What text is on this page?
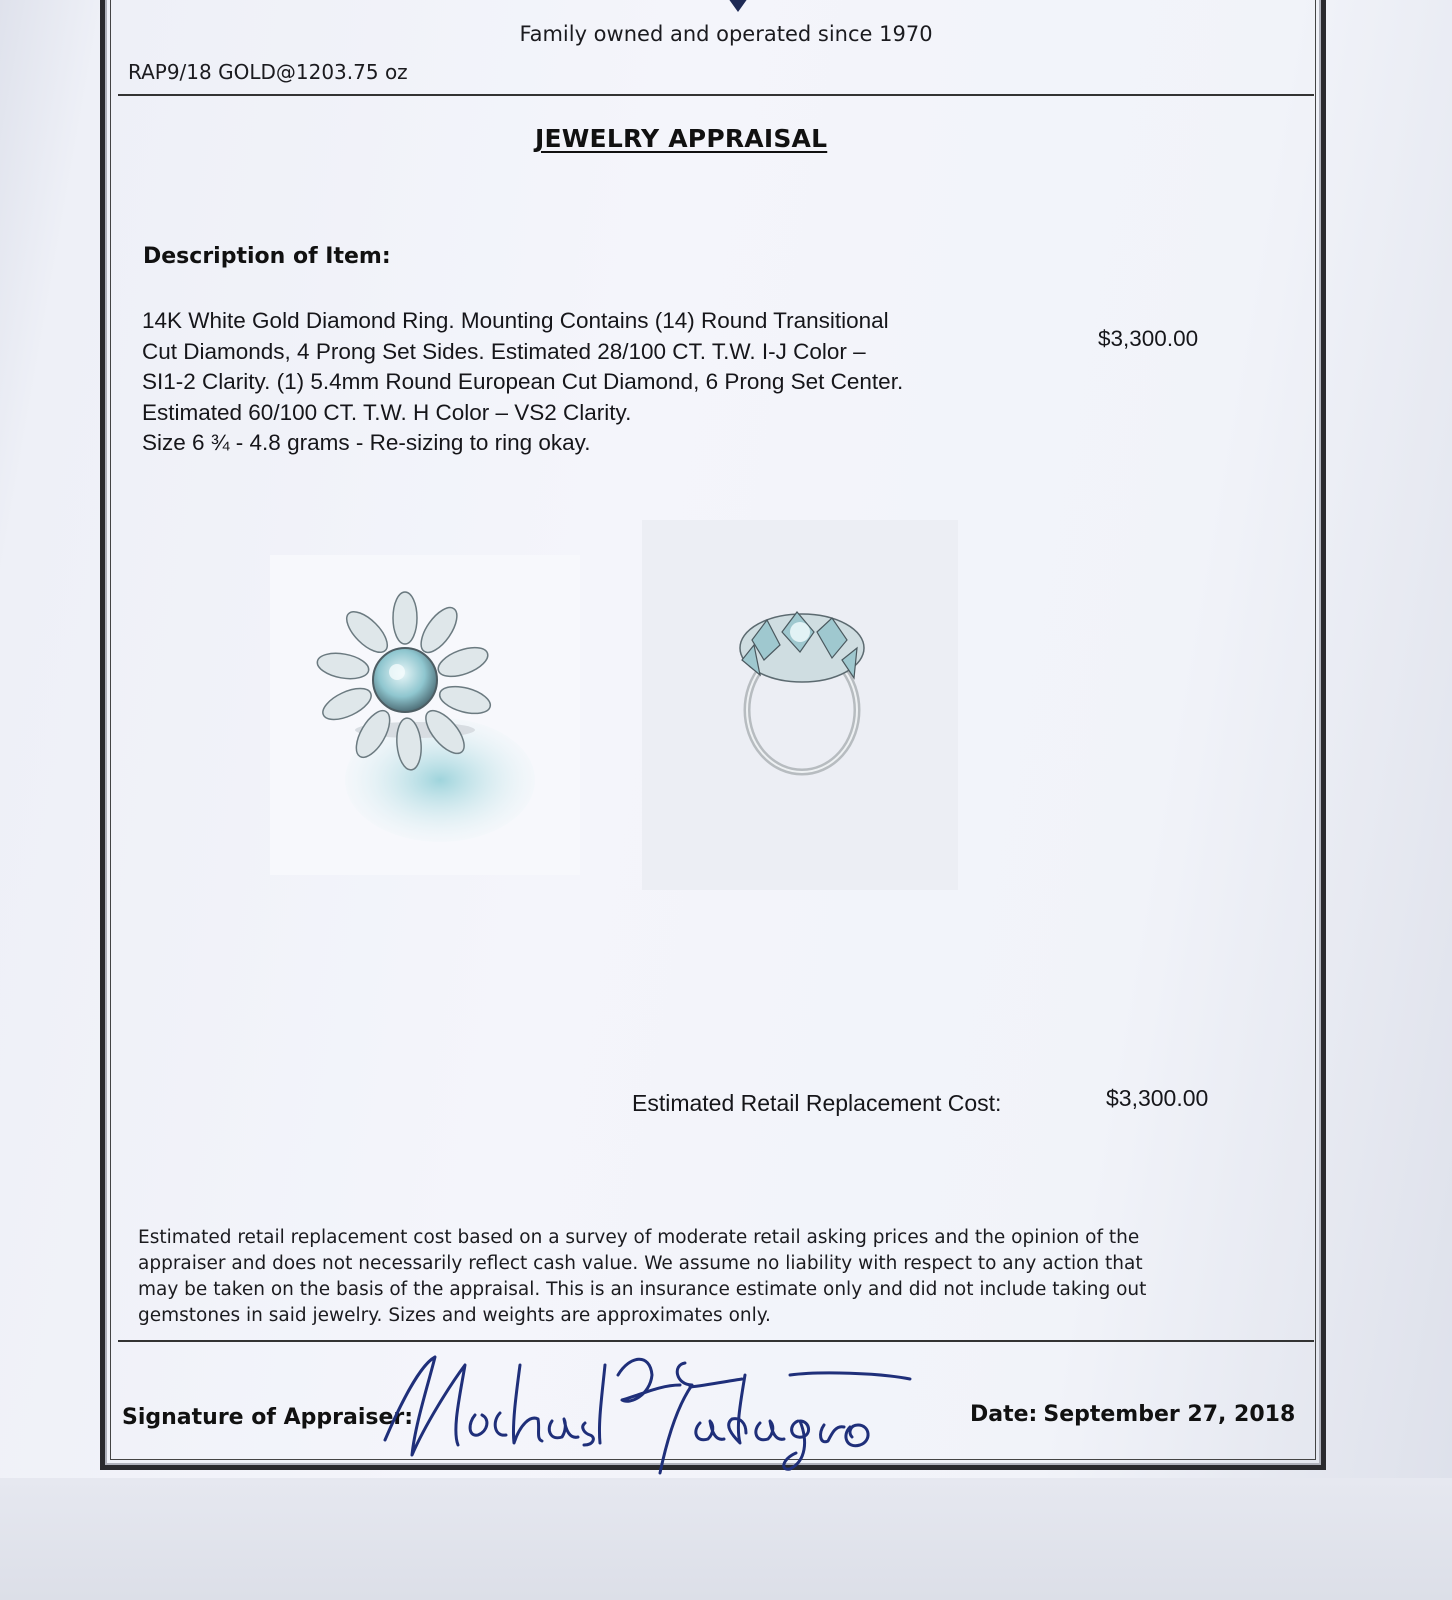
Family owned and operated since 1970
RAP9/18 GOLD@1203.75 oz
JEWELRY APPRAISAL
Description of Item:
14K White Gold Diamond Ring. Mounting Contains (14) Round Transitional
Cut Diamonds, 4 Prong Set Sides. Estimated 28/100 CT. T.W. I-J Color –
SI1-2 Clarity. (1) 5.4mm Round European Cut Diamond, 6 Prong Set Center.
Estimated 60/100 CT. T.W. H Color – VS2 Clarity.
Size 6 ¾ - 4.8 grams - Re-sizing to ring okay.
$3,300.00
Estimated Retail Replacement Cost:	$3,300.00
Estimated retail replacement cost based on a survey of moderate retail asking prices and the opinion of the
appraiser and does not necessarily reflect cash value. We assume no liability with respect to any action that
may be taken on the basis of the appraisal. This is an insurance estimate only and did not include taking out
gemstones in said jewelry. Sizes and weights are approximates only.
Signature of Appraiser:	Date: September 27, 2018
